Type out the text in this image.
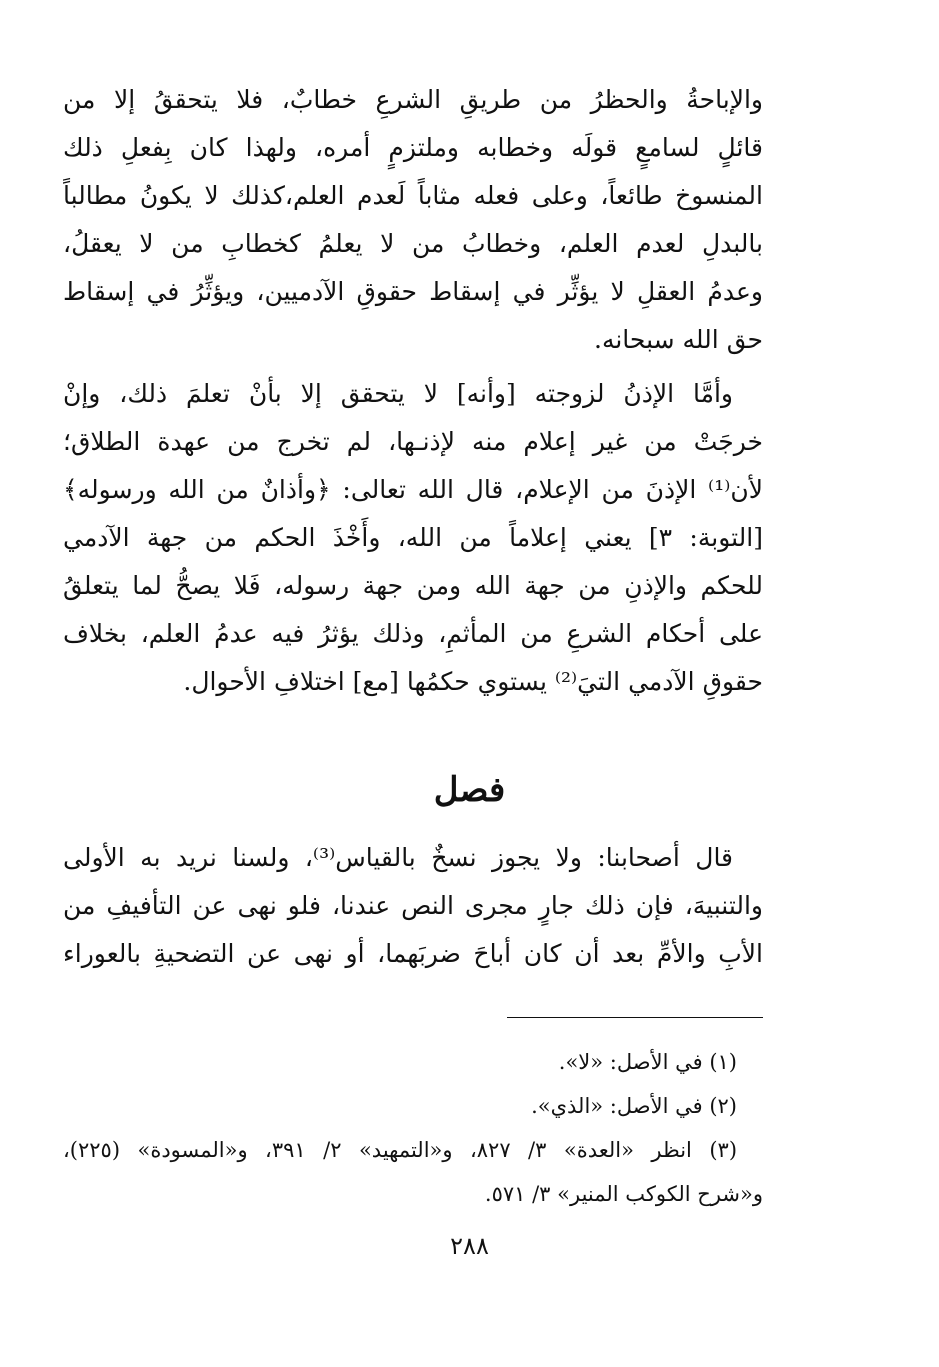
والإباحةُ والحظرُ من طريقِ الشرعِ خطابٌ، فلا يتحققُ إلا من
قائلٍ لسامعٍ قولَه وخطابه وملتزمٍ أمره، ولهذا كان بِفعلِ ذلك
المنسوخ طائعاً، وعلى فعله مثاباً لَعدم العلم،كذلك لا يكونُ مطالباً
بالبدلِ لعدم العلم، وخطابُ من لا يعلمُ كخطابِ من لا يعقلُ،
وعدمُ العقلِ لا يؤثِّر في إسقاط حقوقِ الآدميين، ويؤثِّرُ في إسقاط
حق الله سبحانه.
وأمَّا الإذنُ لزوجته [وأنه] لا يتحقق إلا بأنْ تعلمَ ذلك، وإنْ
خرجَتْ من غير إعلام منه لإذنـها، لم تخرج من عهدة الطلاق؛
لأن⁽¹⁾ الإذنَ من الإعلام، قال الله تعالى: ﴿وأذانٌ من الله ورسوله﴾
[التوبة: ٣] يعني إعلاماً من الله، وأَخْذَ الحكم من جهة الآدمي
للحكم والإذنِ من جهة الله ومن جهة رسوله، فَلا يصحُّ لما يتعلقُ
على أحكام الشرعِ من المأثمِ، وذلك يؤثرُ فيه عدمُ العلم، بخلاف
حقوقِ الآدمي التيَ⁽²⁾ يستوي حكمُها [مع] اختلافِ الأحوال.
فصل
قال أصحابنا: ولا يجوز نسخٌ بالقياس⁽³⁾، ولسنا نريد به الأولى
والتنبيهَ، فإن ذلك جارٍ مجرى النص عندنا، فلو نهى عن التأفيفِ من
الأبِ والأمِّ بعد أن كان أباحَ ضربَهما، أو نهى عن التضحيةِ بالعوراء
(١) في الأصل: «لا».
(٢) في الأصل: «الذي».
(٣) انظر «العدة» ٣/ ٨٢٧، و«التمهيد» ٢/ ٣٩١، و«المسودة» (٢٢٥)،
و«شرح الكوكب المنير» ٣/ ٥٧١.
٢٨٨
